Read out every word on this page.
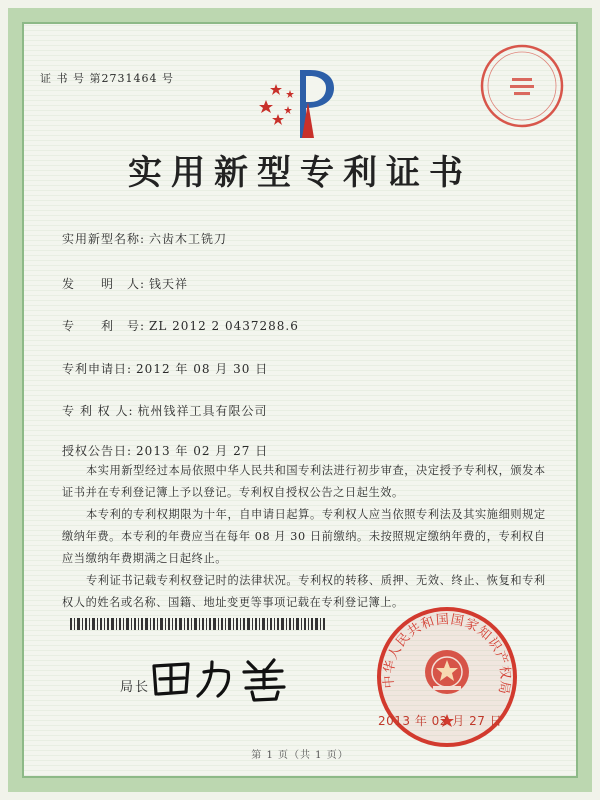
证 书 号 第2731464 号
实用新型专利证书
实用新型名称: 六齿木工铣刀
发　　明　人: 钱天祥
专　　利　号: ZL 2012 2 0437288.6
专利申请日: 2012 年 08 月 30 日
专 利 权 人: 杭州钱祥工具有限公司
授权公告日: 2013 年 02 月 27 日

本实用新型经过本局依照中华人民共和国专利法进行初步审查，决定授予专利权，颁发本证书并在专利登记簿上予以登记。专利权自授权公告之日起生效。

本专利的专利权期限为十年，自申请日起算。专利权人应当依照专利法及其实施细则规定缴纳年费。本专利的年费应当在每年 08 月 30 日前缴纳。未按照规定缴纳年费的，专利权自应当缴纳年费期满之日起终止。

专利证书记载专利权登记时的法律状况。专利权的转移、质押、无效、终止、恢复和专利权人的姓名或名称、国籍、地址变更等事项记载在专利登记簿上。

局长	中华人民共和国国家知识产权局
2013 年 02 月 27 日
第 1 页（共 1 页）
